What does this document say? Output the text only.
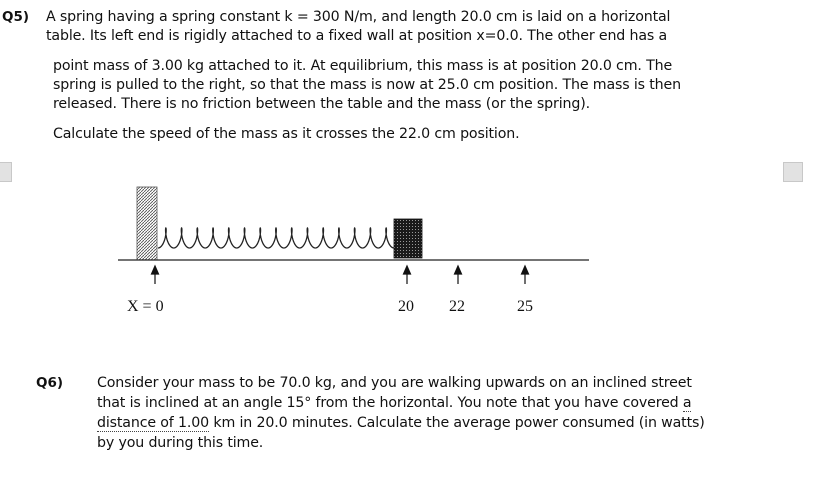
Q5) A spring having a spring constant k = 300 N/m, and length 20.0 cm is laid on a horizontal

table. Its left end is rigidly attached to a fixed wall at position x=0.0. The other end has a

point mass of 3.00 kg attached to it. At equilibrium, this mass is at position 20.0 cm. The

spring is pulled to the right, so that the mass is now at 25.0 cm position. The mass is then

released. There is no friction between the table and the mass (or the spring).

Calculate the speed of the mass as it crosses the 22.0 cm position.

X = 0	20 22	25
Q6) Consider your mass to be 70.0 kg, and you are walking upwards on an inclined street

that is inclined at an angle 15° from the horizontal. You note that you have covered a

distance of 1.00 km in 20.0 minutes. Calculate the average power consumed (in watts)

by you during this time.
